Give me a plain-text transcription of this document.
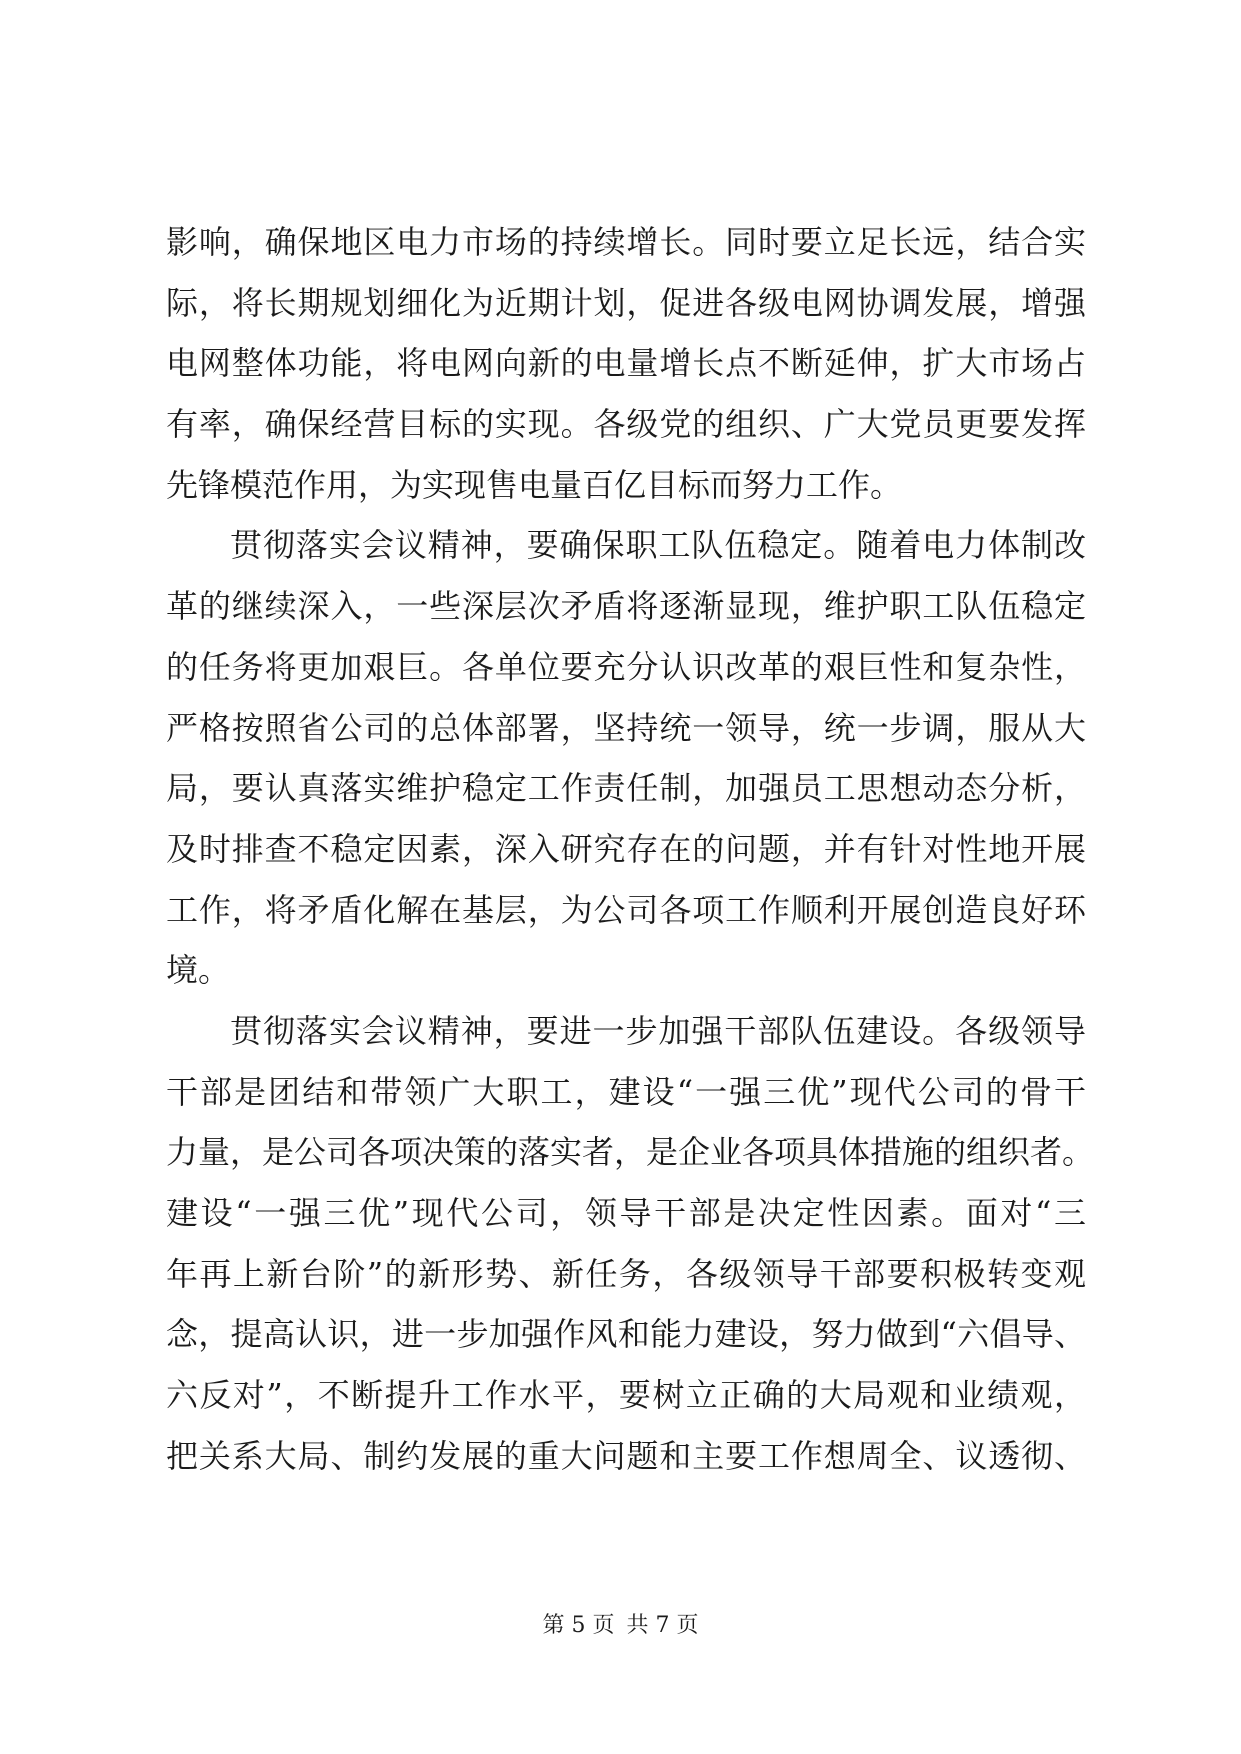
影响，确保地区电力市场的持续增长。同时要立足长远，结合实
际，将长期规划细化为近期计划，促进各级电网协调发展，增强
电网整体功能，将电网向新的电量增长点不断延伸，扩大市场占
有率，确保经营目标的实现。各级党的组织、广大党员更要发挥
先锋模范作用，为实现售电量百亿目标而努力工作。
贯彻落实会议精神，要确保职工队伍稳定。随着电力体制改
革的继续深入，一些深层次矛盾将逐渐显现，维护职工队伍稳定
的任务将更加艰巨。各单位要充分认识改革的艰巨性和复杂性，
严格按照省公司的总体部署，坚持统一领导，统一步调，服从大
局，要认真落实维护稳定工作责任制，加强员工思想动态分析，
及时排查不稳定因素，深入研究存在的问题，并有针对性地开展
工作，将矛盾化解在基层，为公司各项工作顺利开展创造良好环
境。
贯彻落实会议精神，要进一步加强干部队伍建设。各级领导
干部是团结和带领广大职工，建设“一强三优”现代公司的骨干
力量，是公司各项决策的落实者，是企业各项具体措施的组织者。
建设“一强三优”现代公司，领导干部是决定性因素。面对“三
年再上新台阶”的新形势、新任务，各级领导干部要积极转变观
念，提高认识，进一步加强作风和能力建设，努力做到“六倡导、
六反对”，不断提升工作水平，要树立正确的大局观和业绩观，
把关系大局、制约发展的重大问题和主要工作想周全、议透彻、
第 5 页 共 7 页
